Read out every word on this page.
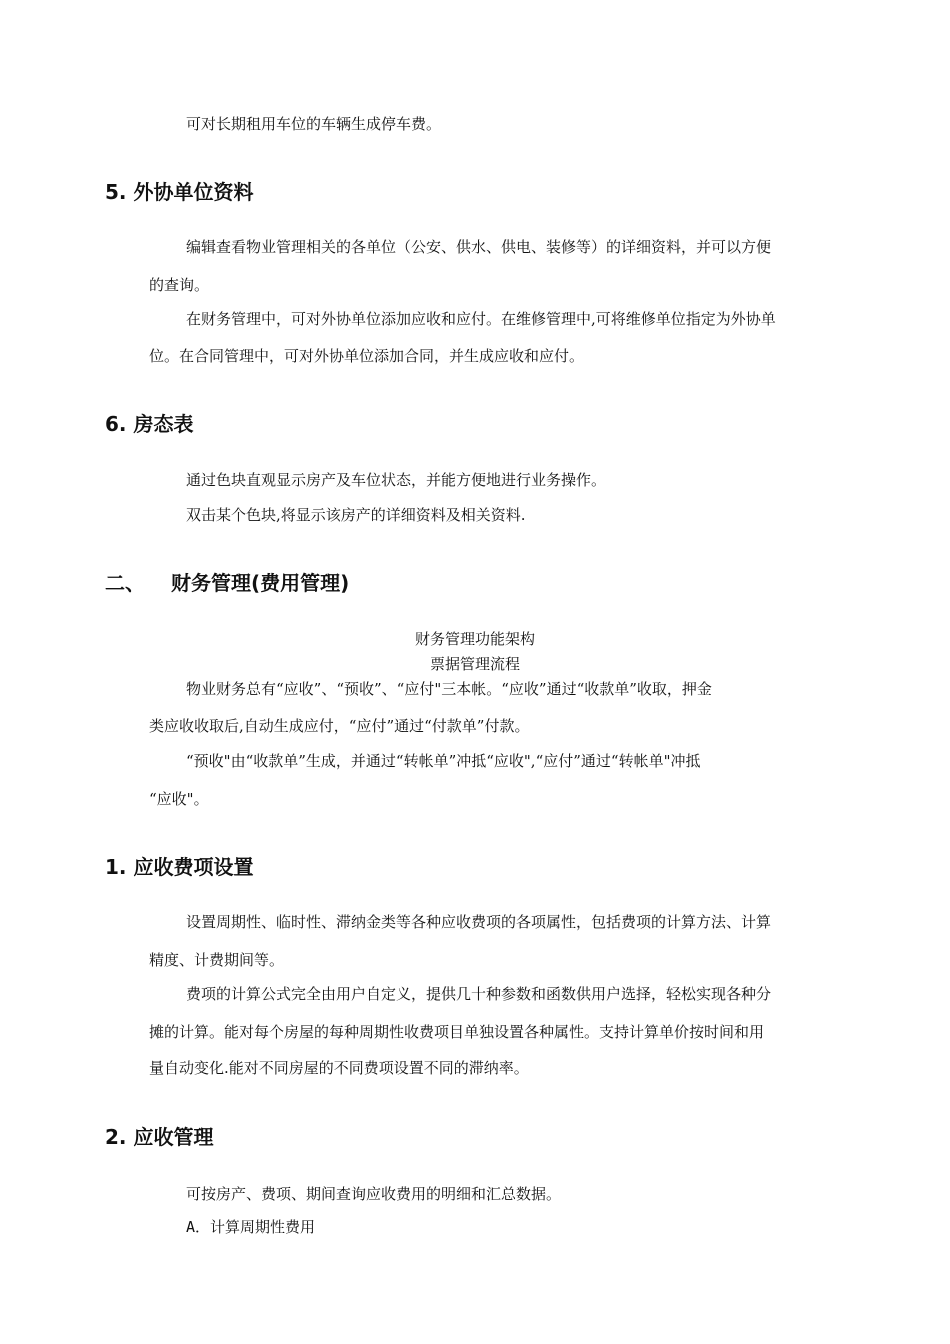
可对长期租用车位的车辆生成停车费。
5. 外协单位资料
编辑查看物业管理相关的各单位（公安、供水、供电、装修等）的详细资料，并可以方便
的查询。
在财务管理中，可对外协单位添加应收和应付。在维修管理中,可将维修单位指定为外协单
位。在合同管理中，可对外协单位添加合同，并生成应收和应付。
6. 房态表
通过色块直观显示房产及车位状态，并能方便地进行业务操作。
双击某个色块,将显示该房产的详细资料及相关资料.
二、 财务管理(费用管理)
财务管理功能架构
票据管理流程
物业财务总有“应收”、“预收”、“应付"三本帐。“应收”通过“收款单”收取，押金
类应收收取后,自动生成应付，“应付”通过“付款单”付款。
“预收"由“收款单”生成，并通过“转帐单”冲抵“应收",“应付”通过“转帐单"冲抵
“应收"。
1. 应收费项设置
设置周期性、临时性、滞纳金类等各种应收费项的各项属性，包括费项的计算方法、计算
精度、计费期间等。
费项的计算公式完全由用户自定义，提供几十种参数和函数供用户选择，轻松实现各种分
摊的计算。能对每个房屋的每种周期性收费项目单独设置各种属性。支持计算单价按时间和用
量自动变化.能对不同房屋的不同费项设置不同的滞纳率。
2. 应收管理
可按房产、费项、期间查询应收费用的明细和汇总数据。
A．计算周期性费用
